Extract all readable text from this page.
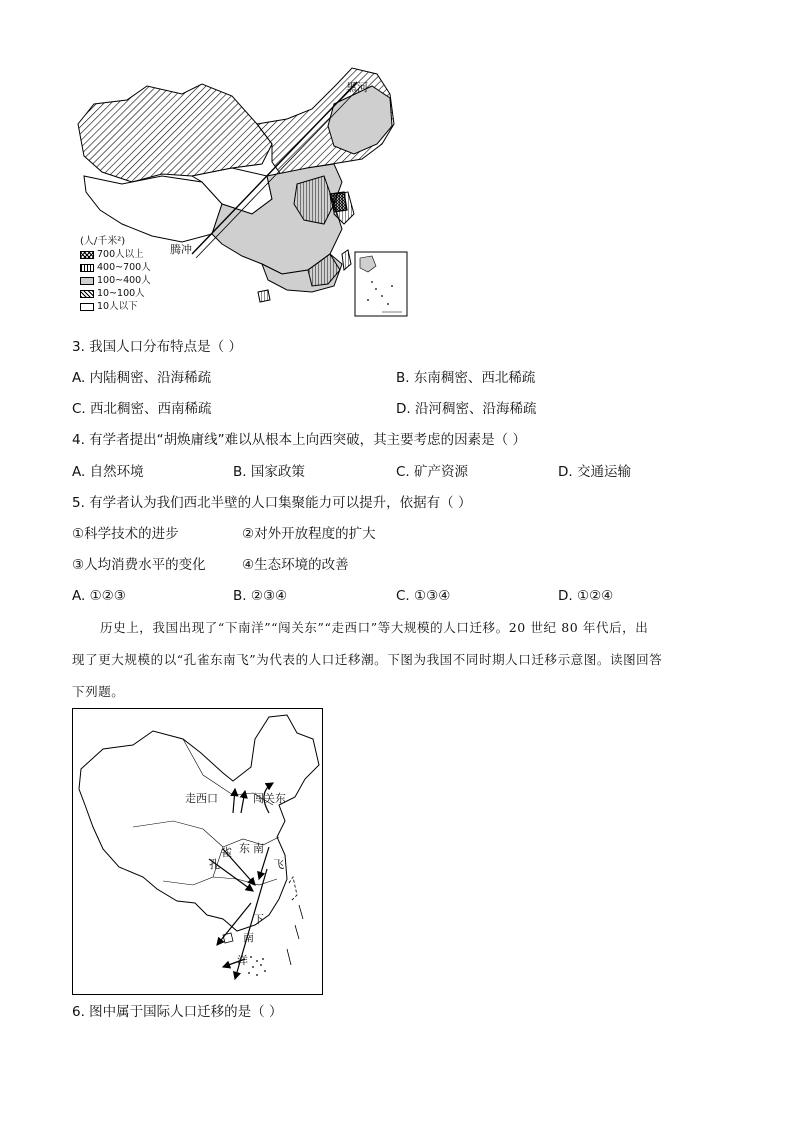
黑河
腾冲
(人/千米²)
700人以上
400~700人
100~400人
10~100人
10人以下
3. 我国人口分布特点是（ ）
A. 内陆稠密、沿海稀疏	B. 东南稠密、西北稀疏
C. 西北稠密、西南稀疏	D. 沿河稠密、沿海稀疏
4. 有学者提出“胡焕庸线”难以从根本上向西突破，其主要考虑的因素是（ ）
A. 自然环境	B. 国家政策	C. 矿产资源	D. 交通运输
5. 有学者认为我们西北半壁的人口集聚能力可以提升，依据有（ ）
①科学技术的进步	②对外开放程度的扩大
③人均消费水平的变化	④生态环境的改善
A. ①②③	B. ②③④	C. ①③④	D. ①②④
历史上，我国出现了“下南洋”“闯关东”“走西口”等大规模的人口迁移。20 世纪 80 年代后，出
现了更大规模的以“孔雀东南飞”为代表的人口迁移潮。下图为我国不同时期人口迁移示意图。读图回答
下列题。
闯关东
走西口
孔
雀 东 南
飞
下
南
洋
6. 图中属于国际人口迁移的是（ ）
